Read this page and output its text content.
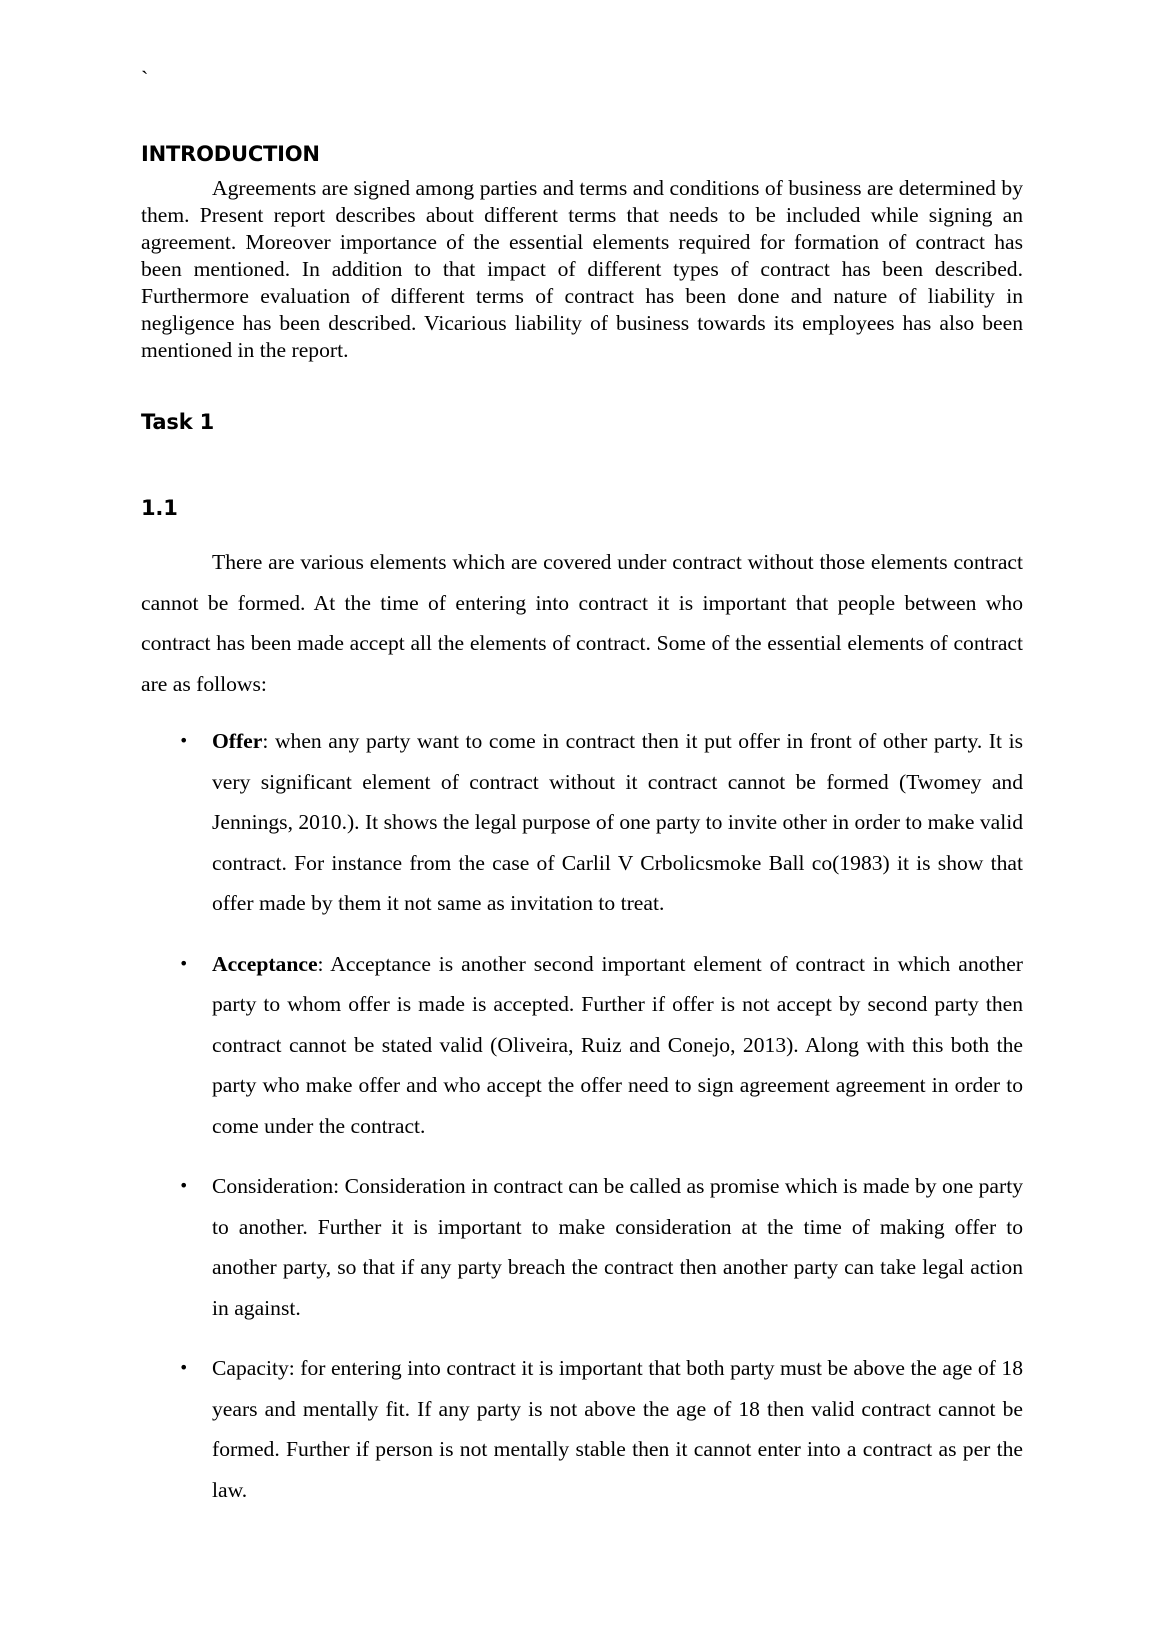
`
INTRODUCTION

Agreements are signed among parties and terms and conditions of business are determined by them. Present report describes about different terms that needs to be included while signing an agreement. Moreover importance of the essential elements required for formation of contract has been mentioned. In addition to that impact of different types of contract has been described. Furthermore evaluation of different terms of contract has been done and nature of liability in negligence has been described. Vicarious liability of business towards its employees has also been mentioned in the report.

Task 1
1.1

There are various elements which are covered under contract without those elements contract cannot be formed. At the time of entering into contract it is important that people between who contract has been made accept all the elements of contract. Some of the essential elements of contract are as follows:

• Offer: when any party want to come in contract then it put offer in front of other party. It is very significant element of contract without it contract cannot be formed (Twomey and Jennings, 2010.). It shows the legal purpose of one party to invite other in order to make valid contract. For instance from the case of Carlil V Crbolicsmoke Ball co(1983) it is show that offer made by them it not same as invitation to treat.
• Acceptance: Acceptance is another second important element of contract in which another party to whom offer is made is accepted. Further if offer is not accept by second party then contract cannot be stated valid (Oliveira, Ruiz and Conejo, 2013). Along with this both the party who make offer and who accept the offer need to sign agreement agreement in order to come under the contract.
• Consideration: Consideration in contract can be called as promise which is made by one party to another. Further it is important to make consideration at the time of making offer to another party, so that if any party breach the contract then another party can take legal action in against.
• Capacity: for entering into contract it is important that both party must be above the age of 18 years and mentally fit. If any party is not above the age of 18 then valid contract cannot be formed. Further if person is not mentally stable then it cannot enter into a contract as per the law.
